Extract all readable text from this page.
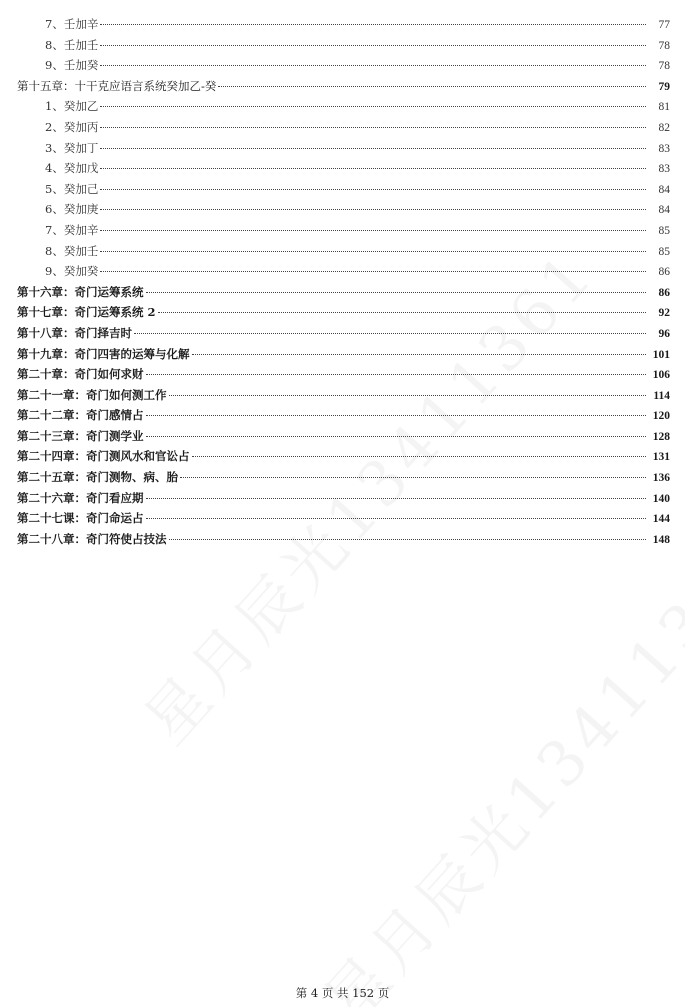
7、壬加辛	77
8、壬加壬	78
9、壬加癸	78
第十五章：十干克应语言系统癸加乙-癸	79
1、癸加乙	81
2、癸加丙	82
3、癸加丁	83
4、癸加戊	83
5、癸加己	84
6、癸加庚	84
7、癸加辛	85
8、癸加壬	85
9、癸加癸	86
第十六章：奇门运筹系统	86
第十七章：奇门运筹系统 2	92
第十八章：奇门择吉时	96
第十九章：奇门四害的运筹与化解	101
第二十章：奇门如何求财	106
第二十一章：奇门如何测工作	114
第二十二章：奇门感情占	120
第二十三章：奇门测学业	128
第二十四章：奇门测风水和官讼占	131
第二十五章：奇门测物、病、胎	136
第二十六章：奇门看应期	140
第二十七课：奇门命运占	144
第二十八章：奇门符使占技法	148
第 4 页 共 152 页
